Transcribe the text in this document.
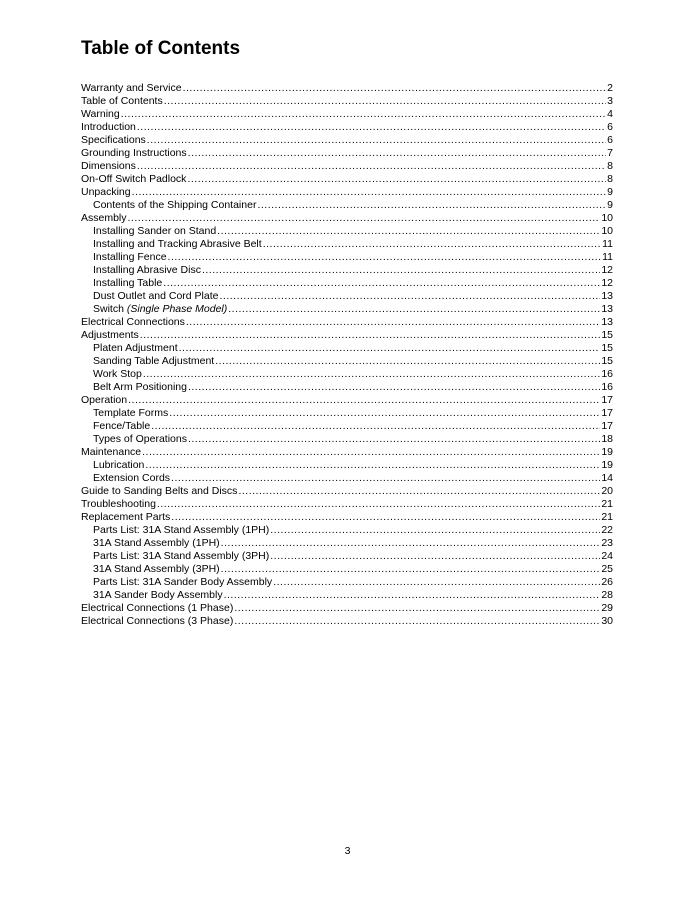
Table of Contents
Warranty and Service .....	2
Table of Contents .....	3
Warning .....	4
Introduction .....	6
Specifications .....	6
Grounding Instructions .....	7
Dimensions .....	8
On-Off Switch Padlock .....	8
Unpacking .....	9
Contents of the Shipping Container .....	9
Assembly .....	10
Installing Sander on Stand .....	10
Installing and Tracking Abrasive Belt .....	11
Installing Fence .....	11
Installing Abrasive Disc .....	12
Installing Table .....	12
Dust Outlet and Cord Plate .....	13
Switch (Single Phase Model) .....	13
Electrical Connections .....	13
Adjustments .....	15
Platen Adjustment .....	15
Sanding Table Adjustment .....	15
Work Stop .....	16
Belt Arm Positioning .....	16
Operation .....	17
Template Forms .....	17
Fence/Table .....	17
Types of Operations .....	18
Maintenance .....	19
Lubrication .....	19
Extension Cords .....	14
Guide to Sanding Belts and Discs .....	20
Troubleshooting .....	21
Replacement Parts .....	21
Parts List: 31A Stand Assembly (1PH) .....	22
31A Stand Assembly (1PH) .....	23
Parts List: 31A Stand Assembly (3PH) .....	24
31A Stand Assembly (3PH) .....	25
Parts List: 31A Sander Body Assembly .....	26
31A Sander Body Assembly .....	28
Electrical Connections (1 Phase) .....	29
Electrical Connections (3 Phase) .....	30
3
